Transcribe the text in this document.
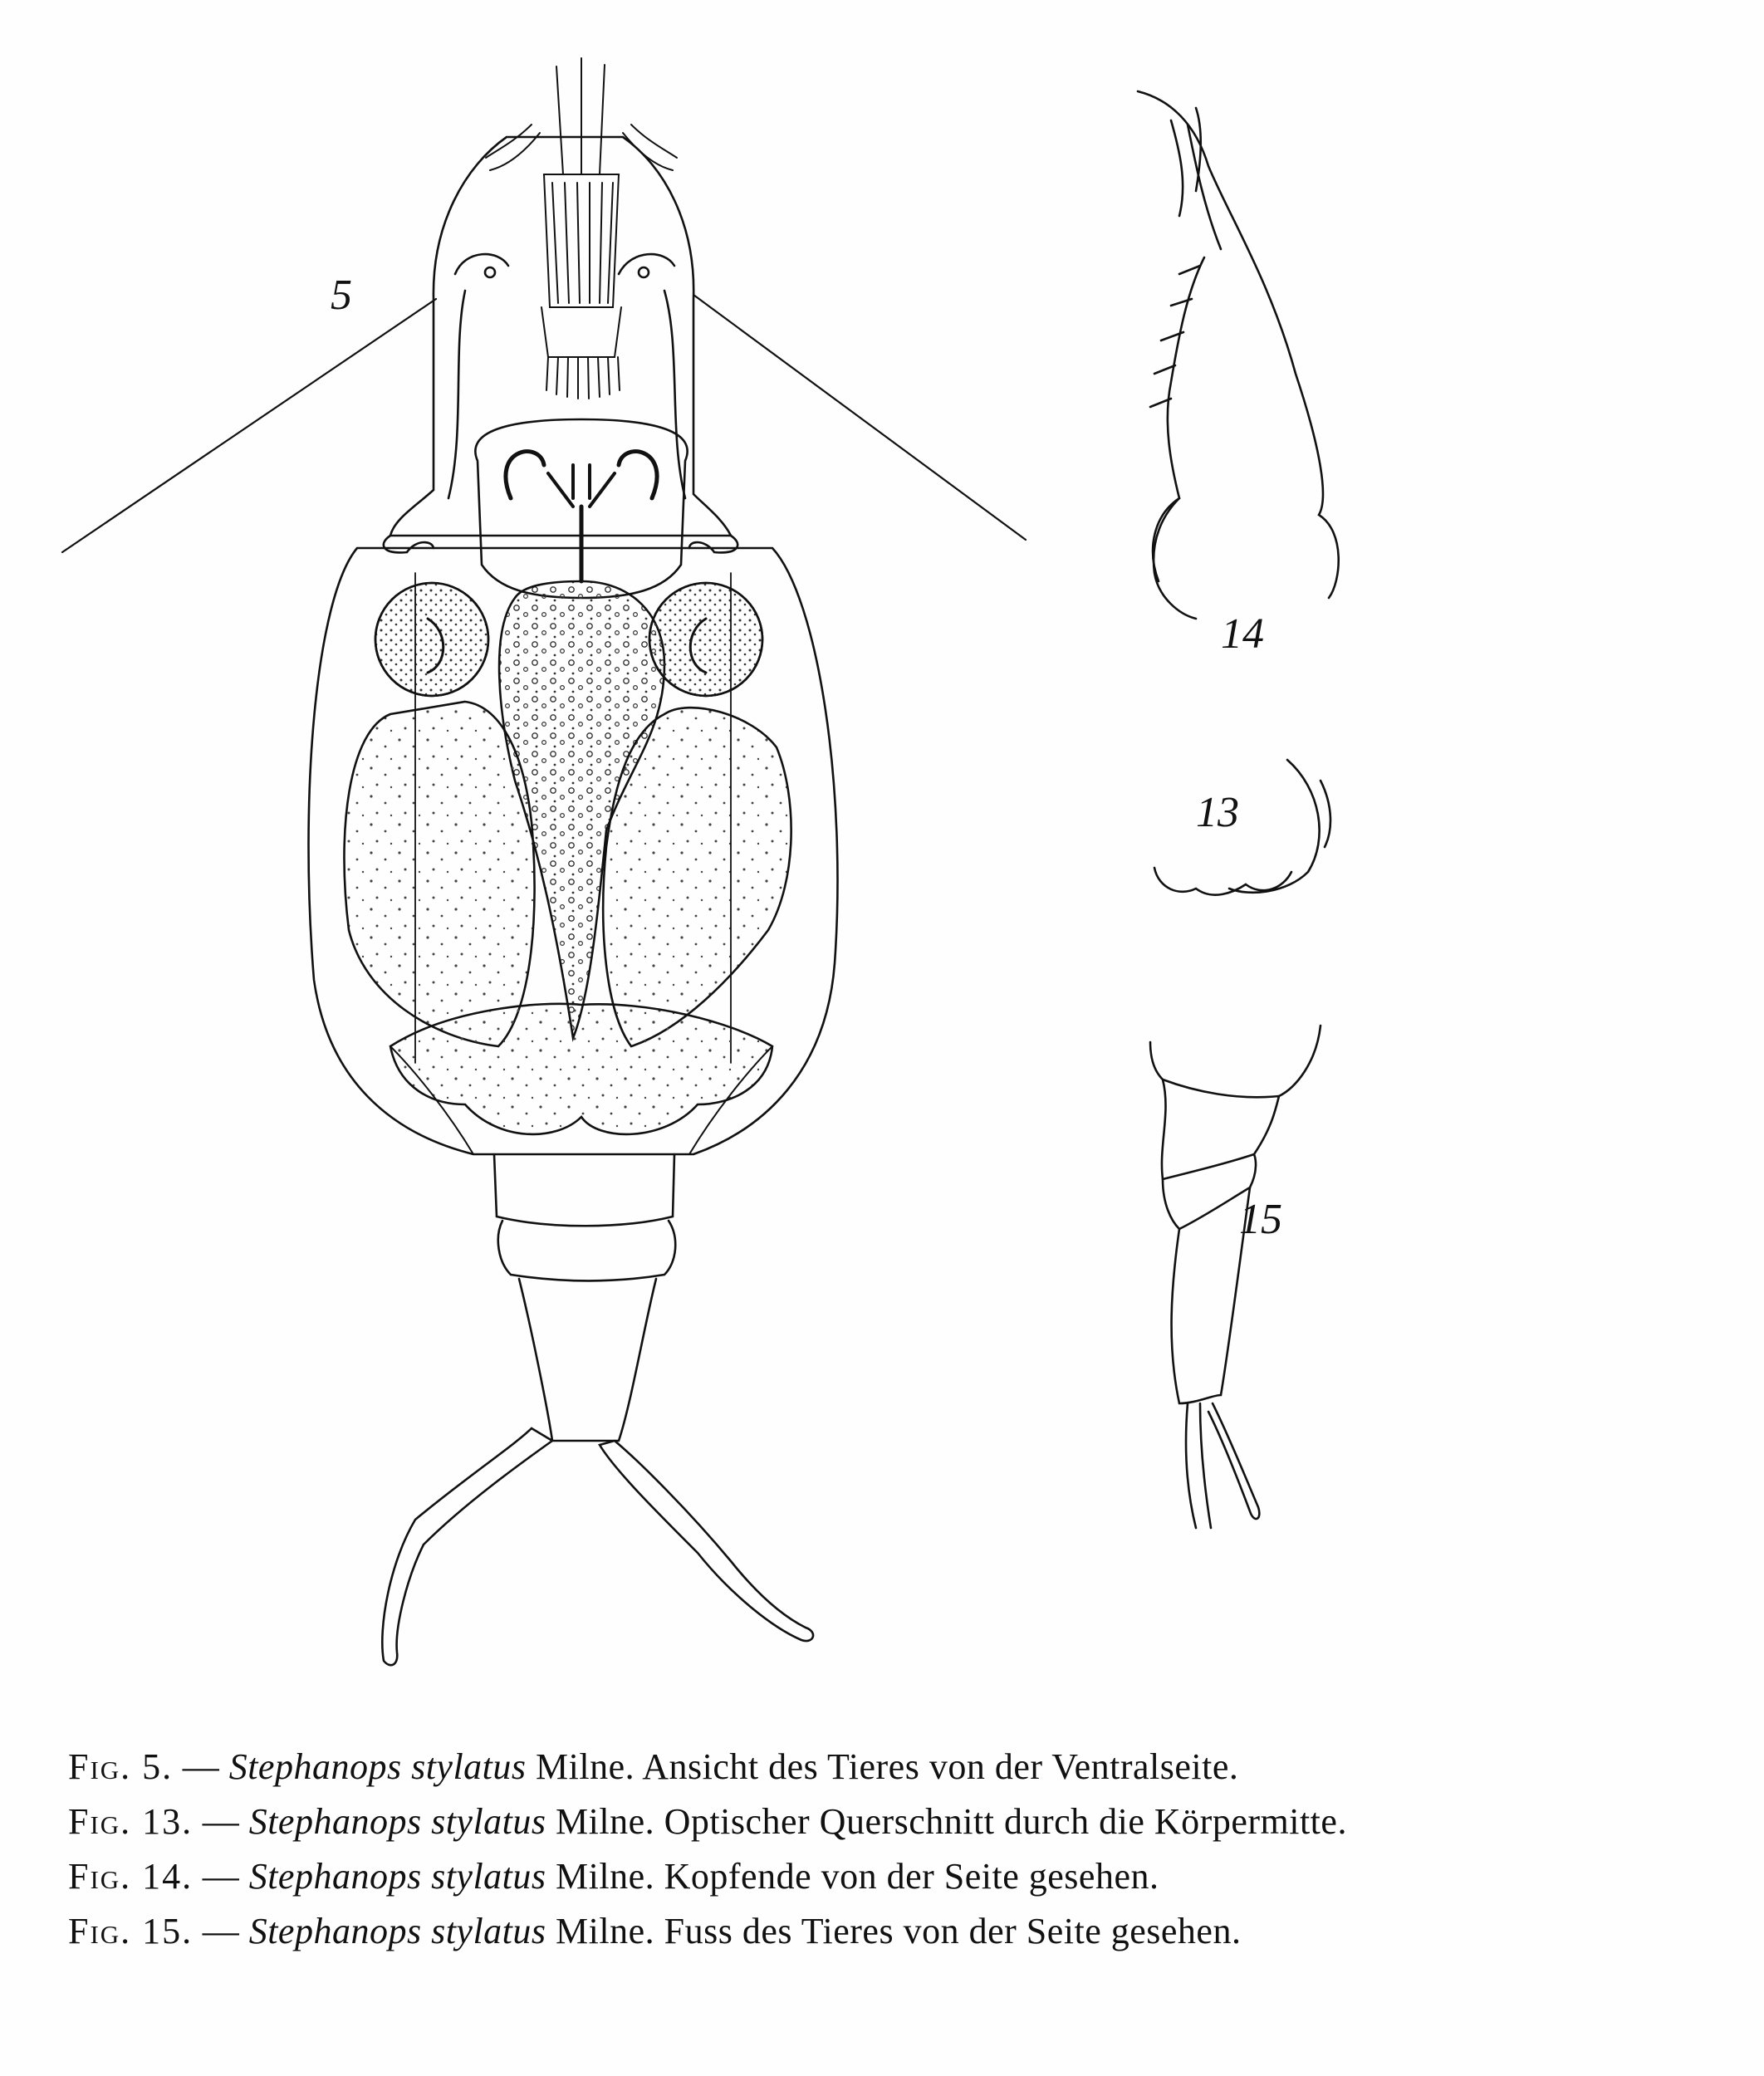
5
14
13
15
Fig. 5. — Stephanops stylatus Milne. Ansicht des Tieres von der Ventralseite.
Fig. 13. — Stephanops stylatus Milne. Optischer Querschnitt durch die Körpermitte.
Fig. 14. — Stephanops stylatus Milne. Kopfende von der Seite gesehen.
Fig. 15. — Stephanops stylatus Milne. Fuss des Tieres von der Seite gesehen.
